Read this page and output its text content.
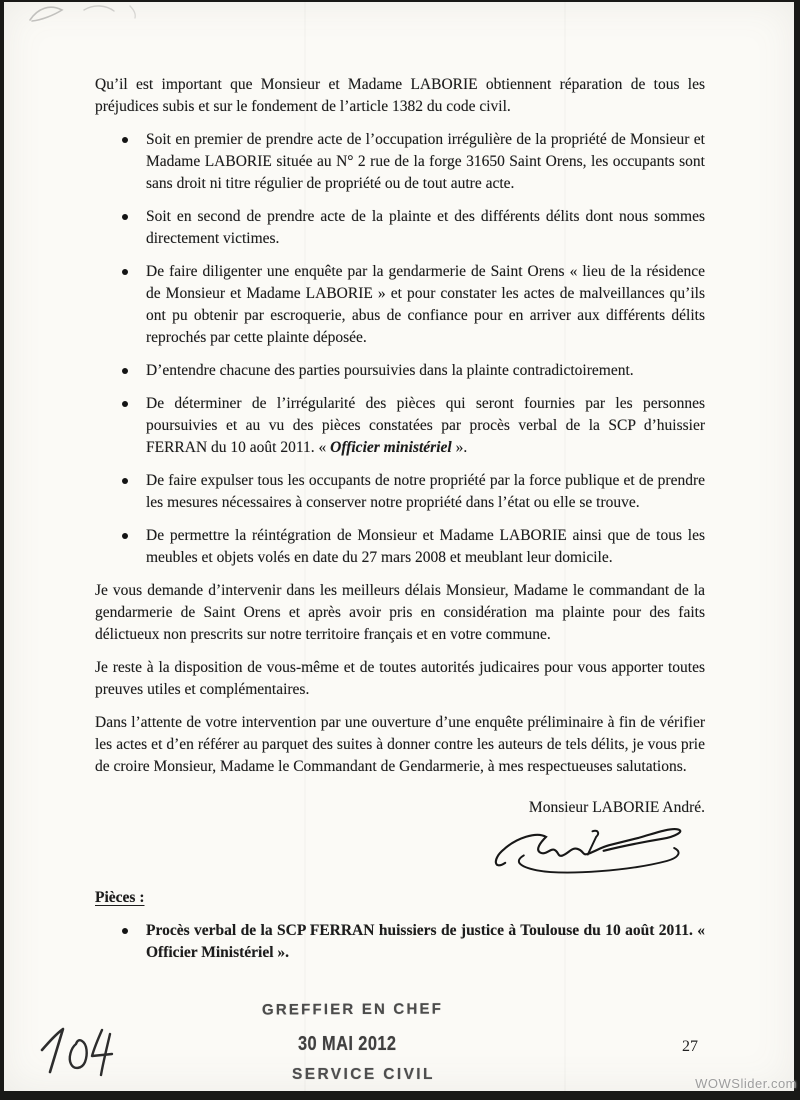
Qu’il est important que Monsieur et Madame LABORIE obtiennent réparation de tous les préjudices subis et sur le fondement de l’article 1382 du code civil.

Soit en premier de prendre acte de l’occupation irrégulière de la propriété de Monsieur et Madame LABORIE située au N° 2 rue de la forge 31650 Saint Orens, les occupants sont sans droit ni titre régulier de propriété ou de tout autre acte.
Soit en second de prendre acte de la plainte et des différents délits dont nous sommes directement victimes.
De faire diligenter une enquête par la gendarmerie de Saint Orens « lieu de la résidence de Monsieur et Madame LABORIE » et pour constater les actes de malveillances qu’ils ont pu obtenir par escroquerie, abus de confiance pour en arriver aux différents délits reprochés par cette plainte déposée.
D’entendre chacune des parties poursuivies dans la plainte contradictoirement.
De déterminer de l’irrégularité des pièces qui seront fournies par les personnes poursuivies et au vu des pièces constatées par procès verbal de la SCP d’huissier FERRAN du 10 août 2011. « Officier ministériel ».
De faire expulser tous les occupants de notre propriété par la force publique et de prendre les mesures nécessaires à conserver notre propriété dans l’état ou elle se trouve.
De permettre la réintégration de Monsieur et Madame LABORIE ainsi que de tous les meubles et objets volés en date du 27 mars 2008 et meublant leur domicile.

Je vous demande d’intervenir dans les meilleurs délais Monsieur, Madame le commandant de la gendarmerie de Saint Orens et après avoir pris en considération ma plainte pour des faits délictueux non prescrits sur notre territoire français et en votre commune.

Je reste à la disposition de vous-même et de toutes autorités judicaires pour vous apporter toutes preuves utiles et complémentaires.

Dans l’attente de votre intervention par une ouverture d’une enquête préliminaire à fin de vérifier les actes et d’en référer au parquet des suites à donner contre les auteurs de tels délits, je vous prie de croire Monsieur, Madame le Commandant de Gendarmerie, à mes respectueuses salutations.

Monsieur LABORIE André.
Pièces :
Procès verbal de la SCP FERRAN huissiers de justice à Toulouse du 10 août 2011. « Officier Ministériel ».
GREFFIER EN CHEF
30 MAI 2012
SERVICE CIVIL
27
WOWSlider.com
